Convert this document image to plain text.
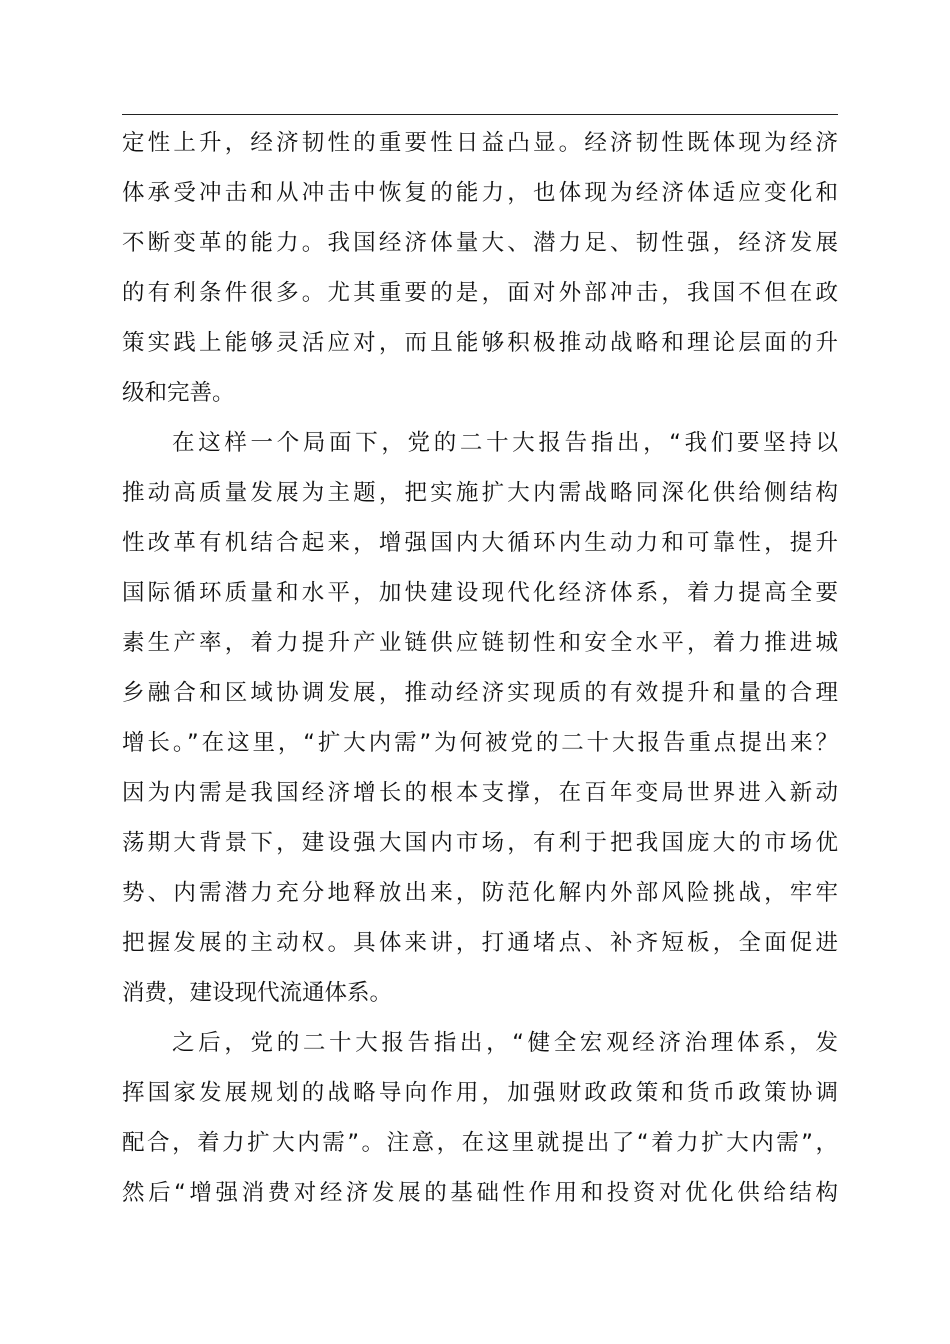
定性上升，经济韧性的重要性日益凸显。经济韧性既体现为经济
体承受冲击和从冲击中恢复的能力，也体现为经济体适应变化和
不断变革的能力。我国经济体量大、潜力足、韧性强，经济发展
的有利条件很多。尤其重要的是，面对外部冲击，我国不但在政
策实践上能够灵活应对，而且能够积极推动战略和理论层面的升
级和完善。
在这样一个局面下，党的二十大报告指出，“我们要坚持以
推动高质量发展为主题，把实施扩大内需战略同深化供给侧结构
性改革有机结合起来，增强国内大循环内生动力和可靠性，提升
国际循环质量和水平，加快建设现代化经济体系，着力提高全要
素生产率，着力提升产业链供应链韧性和安全水平，着力推进城
乡融合和区域协调发展，推动经济实现质的有效提升和量的合理
增长。”在这里，“扩大内需”为何被党的二十大报告重点提出来？
因为内需是我国经济增长的根本支撑，在百年变局世界进入新动
荡期大背景下，建设强大国内市场，有利于把我国庞大的市场优
势、内需潜力充分地释放出来，防范化解内外部风险挑战，牢牢
把握发展的主动权。具体来讲，打通堵点、补齐短板，全面促进
消费，建设现代流通体系。
之后，党的二十大报告指出，“健全宏观经济治理体系，发
挥国家发展规划的战略导向作用，加强财政政策和货币政策协调
配合，着力扩大内需”。注意，在这里就提出了“着力扩大内需”，
然后“增强消费对经济发展的基础性作用和投资对优化供给结构
